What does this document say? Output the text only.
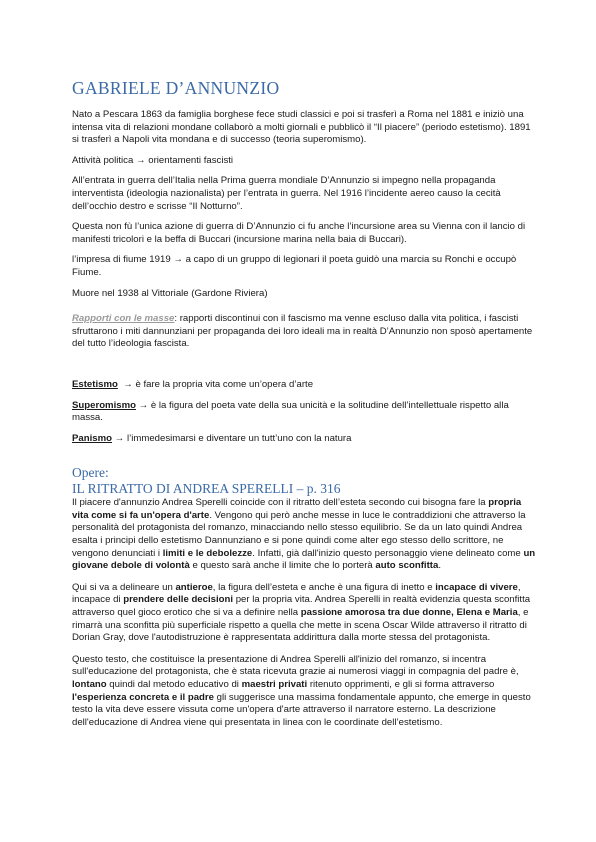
GABRIELE D’ANNUNZIO

Nato a Pescara 1863 da famiglia borghese fece studi classici e poi si trasferì a Roma nel 1881 e iniziò una intensa vita di relazioni mondane collaborò a molti giornali e pubblicò il “Il piacere” (periodo estetismo). 1891 si trasferì a Napoli vita mondana e di successo (teoria superomismo).

Attività politica → orientamenti fascisti

All’entrata in guerra dell’Italia nella Prima guerra mondiale D’Annunzio si impegno nella propaganda interventista (ideologia nazionalista) per l’entrata in guerra. Nel 1916 l’incidente aereo causo la cecità dell’occhio destro e scrisse “Il Notturno”.

Questa non fù l’unica azione di guerra di D’Annunzio ci fu anche l’incursione area su Vienna con il lancio di manifesti tricolori e la beffa di Buccari (incursione marina nella baia di Buccari).

l’impresa di fiume 1919 → a capo di un gruppo di legionari il poeta guidò una marcia su Ronchi e occupò Fiume.

Muore nel 1938 al Vittoriale (Gardone Riviera)

Rapporti con le masse: rapporti discontinui con il fascismo ma venne escluso dalla vita politica, i fascisti sfruttarono i miti dannunziani per propaganda dei loro ideali ma in realtà D’Annunzio non sposò apertamente del tutto l’ideologia fascista.

Estetismo → è fare la propria vita come un’opera d’arte

Superomismo → è la figura del poeta vate della sua unicità e la solitudine dell’intellettuale rispetto alla massa.

Panismo → l’immedesimarsi e diventare un tutt’uno con la natura

Opere:
IL RITRATTO DI ANDREA SPERELLI – p. 316

Il piacere d'annunzio Andrea Sperelli coincide con il ritratto dell’esteta secondo cui bisogna fare la propria vita come si fa un'opera d'arte. Vengono qui però anche messe in luce le contraddizioni che attraverso la personalità del protagonista del romanzo, minacciando nello stesso equilibrio. Se da un lato quindi Andrea esalta i principi dello estetismo Dannunziano e si pone quindi come alter ego stesso dello scrittore, ne vengono denunciati i limiti e le debolezze. Infatti, già dall'inizio questo personaggio viene delineato come un giovane debole di volontà e questo sarà anche il limite che lo porterà auto sconfitta.

Qui si va a delineare un antieroe, la figura dell’esteta e anche è una figura di inetto e incapace di vivere, incapace di prendere delle decisioni per la propria vita. Andrea Sperelli in realtà evidenzia questa sconfitta attraverso quel gioco erotico che si va a definire nella passione amorosa tra due donne, Elena e Maria, e rimarrà una sconfitta più superficiale rispetto a quella che mette in scena Oscar Wilde attraverso il ritratto di Dorian Gray, dove l'autodistruzione è rappresentata addirittura dalla morte stessa del protagonista.

Questo testo, che costituisce la presentazione di Andrea Sperelli all'inizio del romanzo, si incentra sull'educazione del protagonista, che è stata ricevuta grazie ai numerosi viaggi in compagnia del padre è, lontano quindi dal metodo educativo di maestri privati ritenuto opprimenti, e gli si forma attraverso l'esperienza concreta e il padre gli suggerisce una massima fondamentale appunto, che emerge in questo testo la vita deve essere vissuta come un'opera d'arte attraverso il narratore esterno. La descrizione dell'educazione di Andrea viene qui presentata in linea con le coordinate dell’estetismo.
